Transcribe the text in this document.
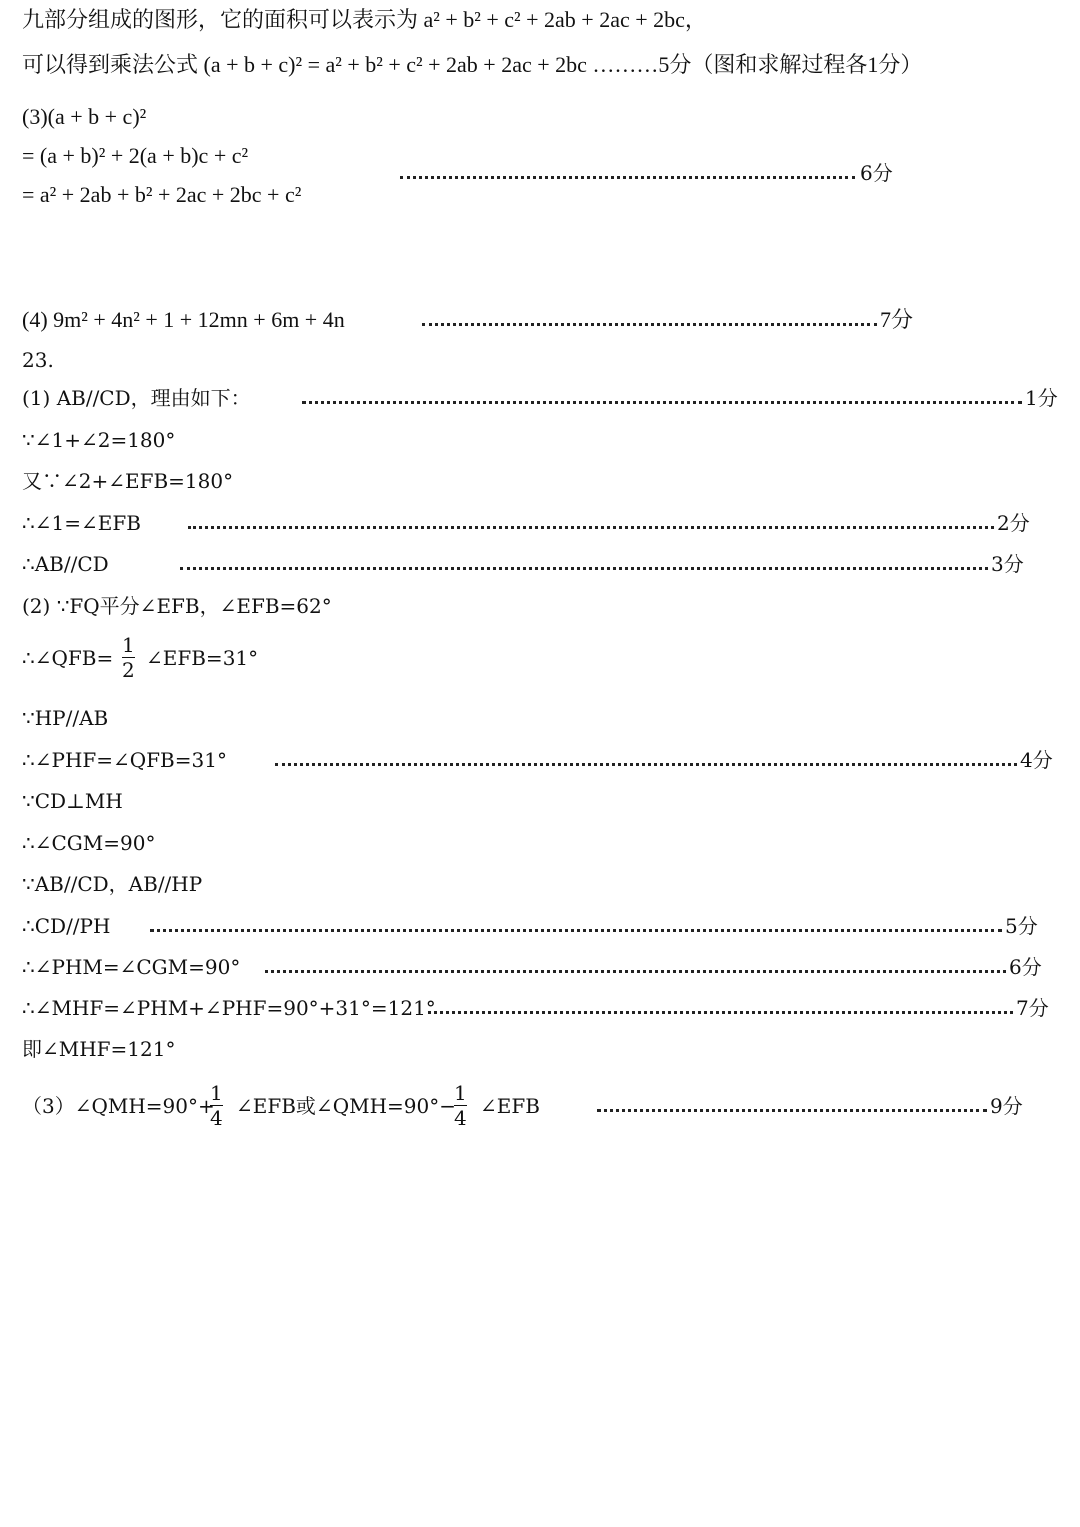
九部分组成的图形，它的面积可以表示为 a² + b² + c² + 2ab + 2ac + 2bc，
可以得到乘法公式 (a + b + c)² = a² + b² + c² + 2ab + 2ac + 2bc ………5分（图和求解过程各1分）
(3)(a + b + c)²
= (a + b)² + 2(a + b)c + c²
= a² + 2ab + b² + 2ac + 2bc + c²
6分
(4) 9m² + 4n² + 1 + 12mn + 6m + 4n	7分
23.
(1) AB//CD，理由如下：	1分
∵∠1+∠2=180°
又∵∠2+∠EFB=180°
∴∠1=∠EFB	2分
∴AB//CD	3分
(2) ∵FQ平分∠EFB，∠EFB=62°
∴∠QFB=
1
2 ∠EFB=31°
∵HP//AB
∴∠PHF=∠QFB=31°	4分
∵CD⊥MH
∴∠CGM=90°
∵AB//CD，AB//HP
∴CD//PH	5分
∴∠PHM=∠CGM=90°	6分
∴∠MHF=∠PHM+∠PHF=90°+31°=121°	7分
即∠MHF=121°
（3）∠QMH=90°+
1
4 ∠EFB或∠QMH=90°−
1
4 ∠EFB	9分
